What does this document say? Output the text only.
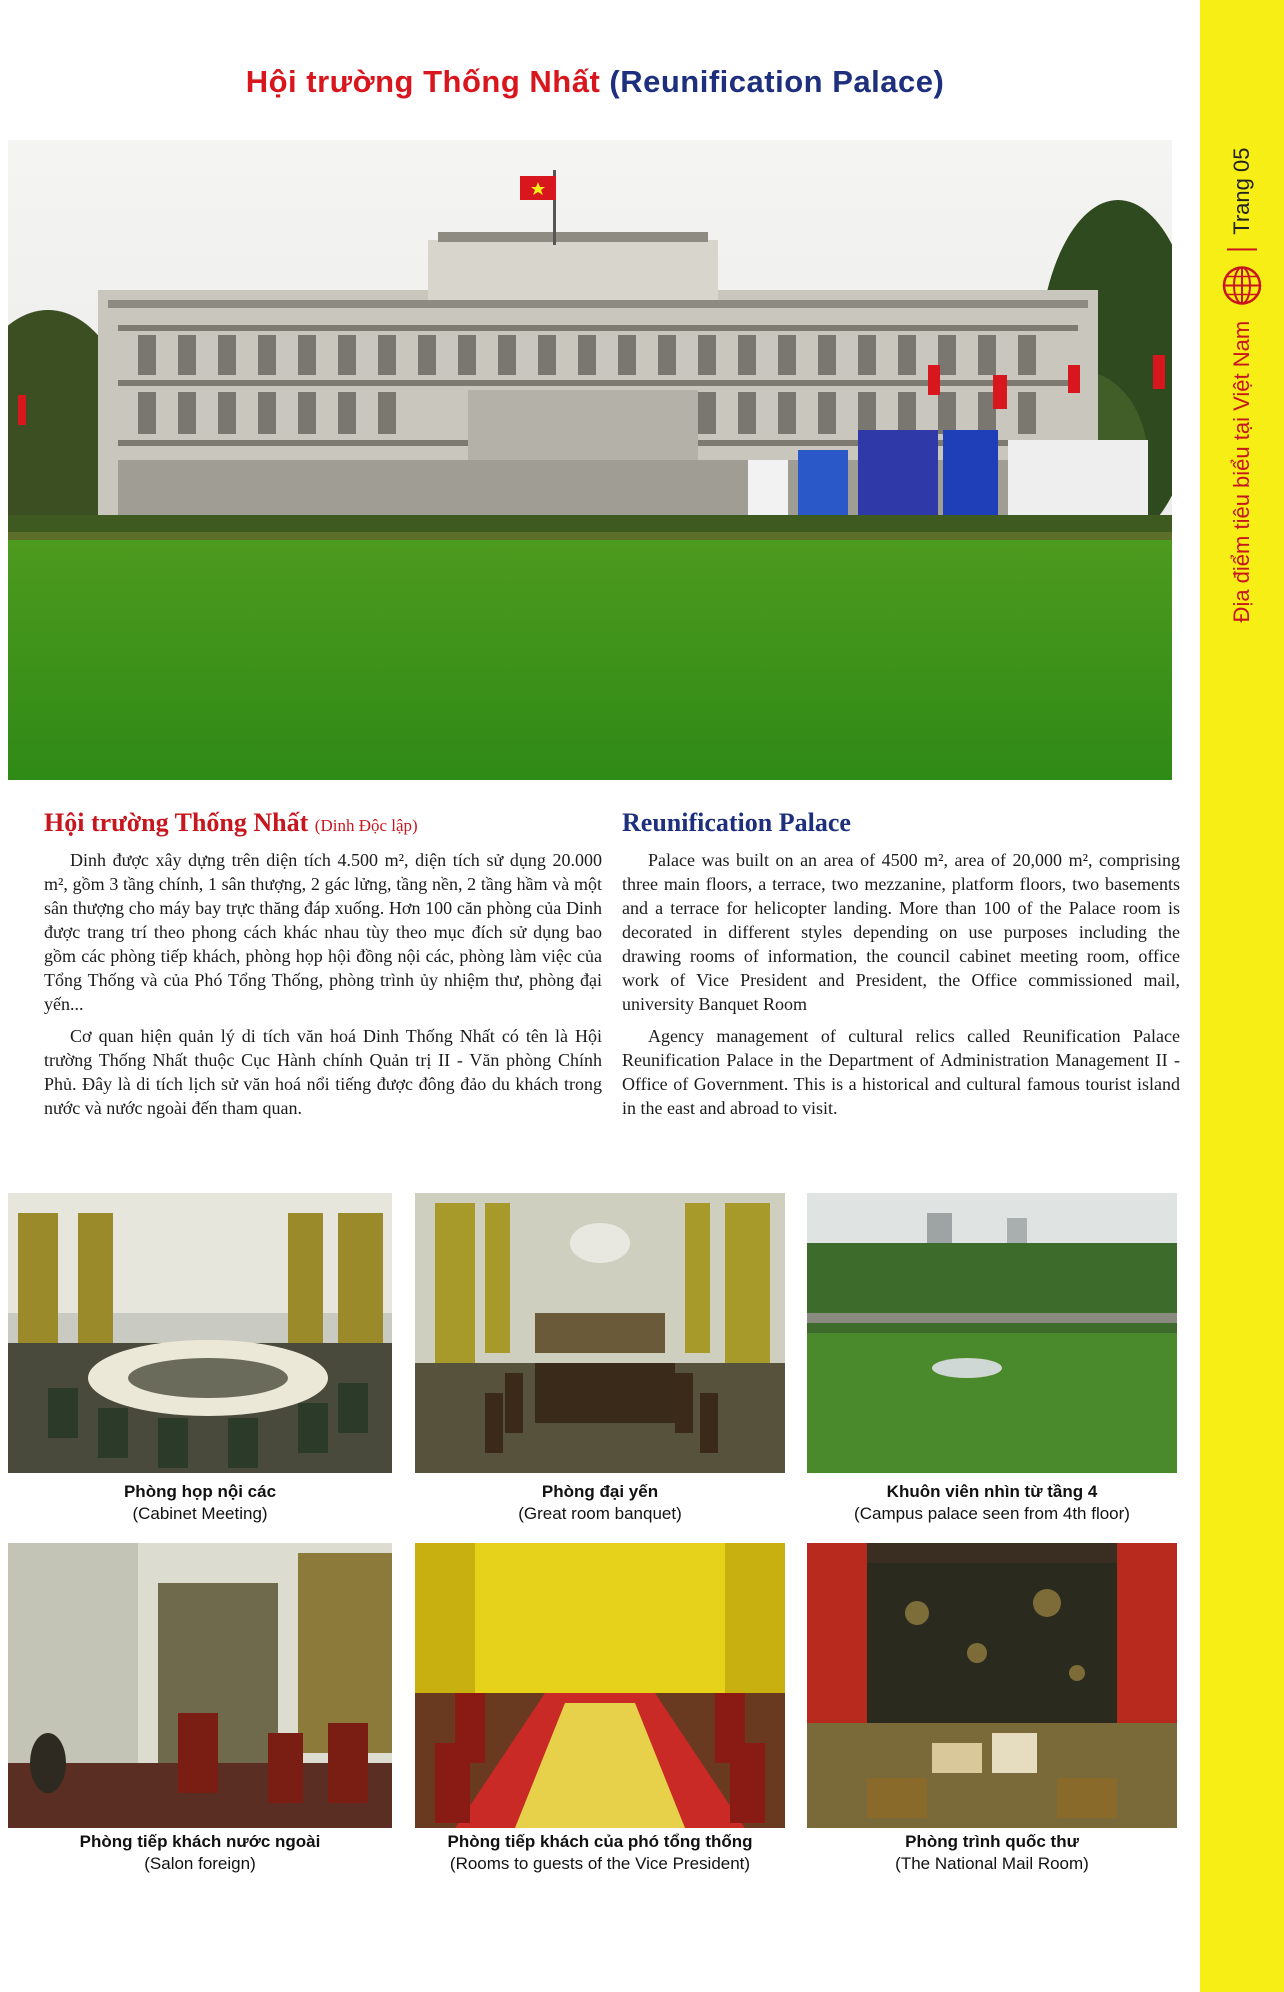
Hội trường Thống Nhất (Reunification Palace)
Địa điểm tiêu biểu tại Việt Nam
Trang 05
Hội trường Thống Nhất (Dinh Độc lập)

Dinh được xây dựng trên diện tích 4.500 m², diện tích sử dụng 20.000 m², gồm 3 tầng chính, 1 sân thượng, 2 gác lửng, tầng nền, 2 tầng hầm và một sân thượng cho máy bay trực thăng đáp xuống. Hơn 100 căn phòng của Dinh được trang trí theo phong cách khác nhau tùy theo mục đích sử dụng bao gồm các phòng tiếp khách, phòng họp hội đồng nội các, phòng làm việc của Tổng Thống và của Phó Tổng Thống, phòng trình ủy nhiệm thư, phòng đại yến...

Cơ quan hiện quản lý di tích văn hoá Dinh Thống Nhất có tên là Hội trường Thống Nhất thuộc Cục Hành chính Quản trị II - Văn phòng Chính Phủ. Đây là di tích lịch sử văn hoá nổi tiếng được đông đảo du khách trong nước và nước ngoài đến tham quan.

Reunification Palace

Palace was built on an area of 4500 m², area of 20,000 m², comprising three main floors, a terrace, two mezzanine, platform floors, two basements and a terrace for helicopter landing. More than 100 of the Palace room is decorated in different styles depending on use purposes including the drawing rooms of information, the council cabinet meeting room, office work of Vice President and President, the Office commissioned mail, university Banquet Room

Agency management of cultural relics called Reunification Palace Reunification Palace in the Department of Administration Management II - Office of Government. This is a historical and cultural famous tourist island in the east and abroad to visit.

Phòng họp nội các
(Cabinet Meeting)
Phòng đại yến
(Great room banquet)
Khuôn viên nhìn từ tầng 4
(Campus palace seen from 4th floor)
Phòng tiếp khách nước ngoài
(Salon foreign)
Phòng tiếp khách của phó tổng thống
(Rooms to guests of the Vice President)
Phòng trình quốc thư
(The National Mail Room)
